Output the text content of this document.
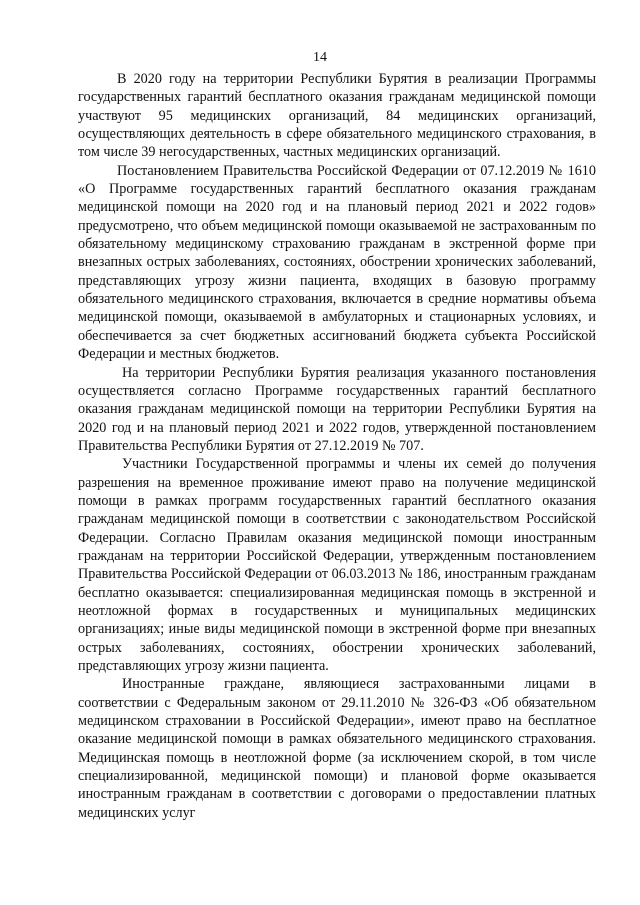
14

В 2020 году на территории Республики Бурятия в реализации Программы государственных гарантий бесплатного оказания гражданам медицинской помощи участвуют 95 медицинских организаций, 84 медицинских организаций, осуществляющих деятельность в сфере обязательного медицинского страхования, в том числе 39 негосударственных, частных медицинских организаций.

Постановлением Правительства Российской Федерации от 07.12.2019 № 1610 «О Программе государственных гарантий бесплатного оказания гражданам медицинской помощи на 2020 год и на плановый период 2021 и 2022 годов» предусмотрено, что объем медицинской помощи оказываемой не застрахованным по обязательному медицинскому страхованию гражданам в экстренной форме при внезапных острых заболеваниях, состояниях, обострении хронических заболеваний, представляющих угрозу жизни пациента, входящих в базовую программу обязательного медицинского страхования, включается в средние нормативы объема медицинской помощи, оказываемой в амбулаторных и стационарных условиях, и обеспечивается за счет бюджетных ассигнований бюджета субъекта Российской Федерации и местных бюджетов.

На территории Республики Бурятия реализация указанного постановления осуществляется согласно Программе государственных гарантий бесплатного оказания гражданам медицинской помощи на территории Республики Бурятия на 2020 год и на плановый период 2021 и 2022 годов, утвержденной постановлением Правительства Республики Бурятия от 27.12.2019 № 707.

Участники Государственной программы и члены их семей до получения разрешения на временное проживание имеют право на получение медицинской помощи в рамках программ государственных гарантий бесплатного оказания гражданам медицинской помощи в соответствии с законодательством Российской Федерации. Согласно Правилам оказания медицинской помощи иностранным гражданам на территории Российской Федерации, утвержденным постановлением Правительства Российской Федерации от 06.03.2013 № 186, иностранным гражданам бесплатно оказывается: специализированная медицинская помощь в экстренной и неотложной формах в государственных и муниципальных медицинских организациях; иные виды медицинской помощи в экстренной форме при внезапных острых заболеваниях, состояниях, обострении хронических заболеваний, представляющих угрозу жизни пациента.

Иностранные граждане, являющиеся застрахованными лицами в соответствии с Федеральным законом от 29.11.2010 № 326-ФЗ «Об обязательном медицинском страховании в Российской Федерации», имеют право на бесплатное оказание медицинской помощи в рамках обязательного медицинского страхования. Медицинская помощь в неотложной форме (за исключением скорой, в том числе специализированной, медицинской помощи) и плановой форме оказывается иностранным гражданам в соответствии с договорами о предоставлении платных медицинских услуг
